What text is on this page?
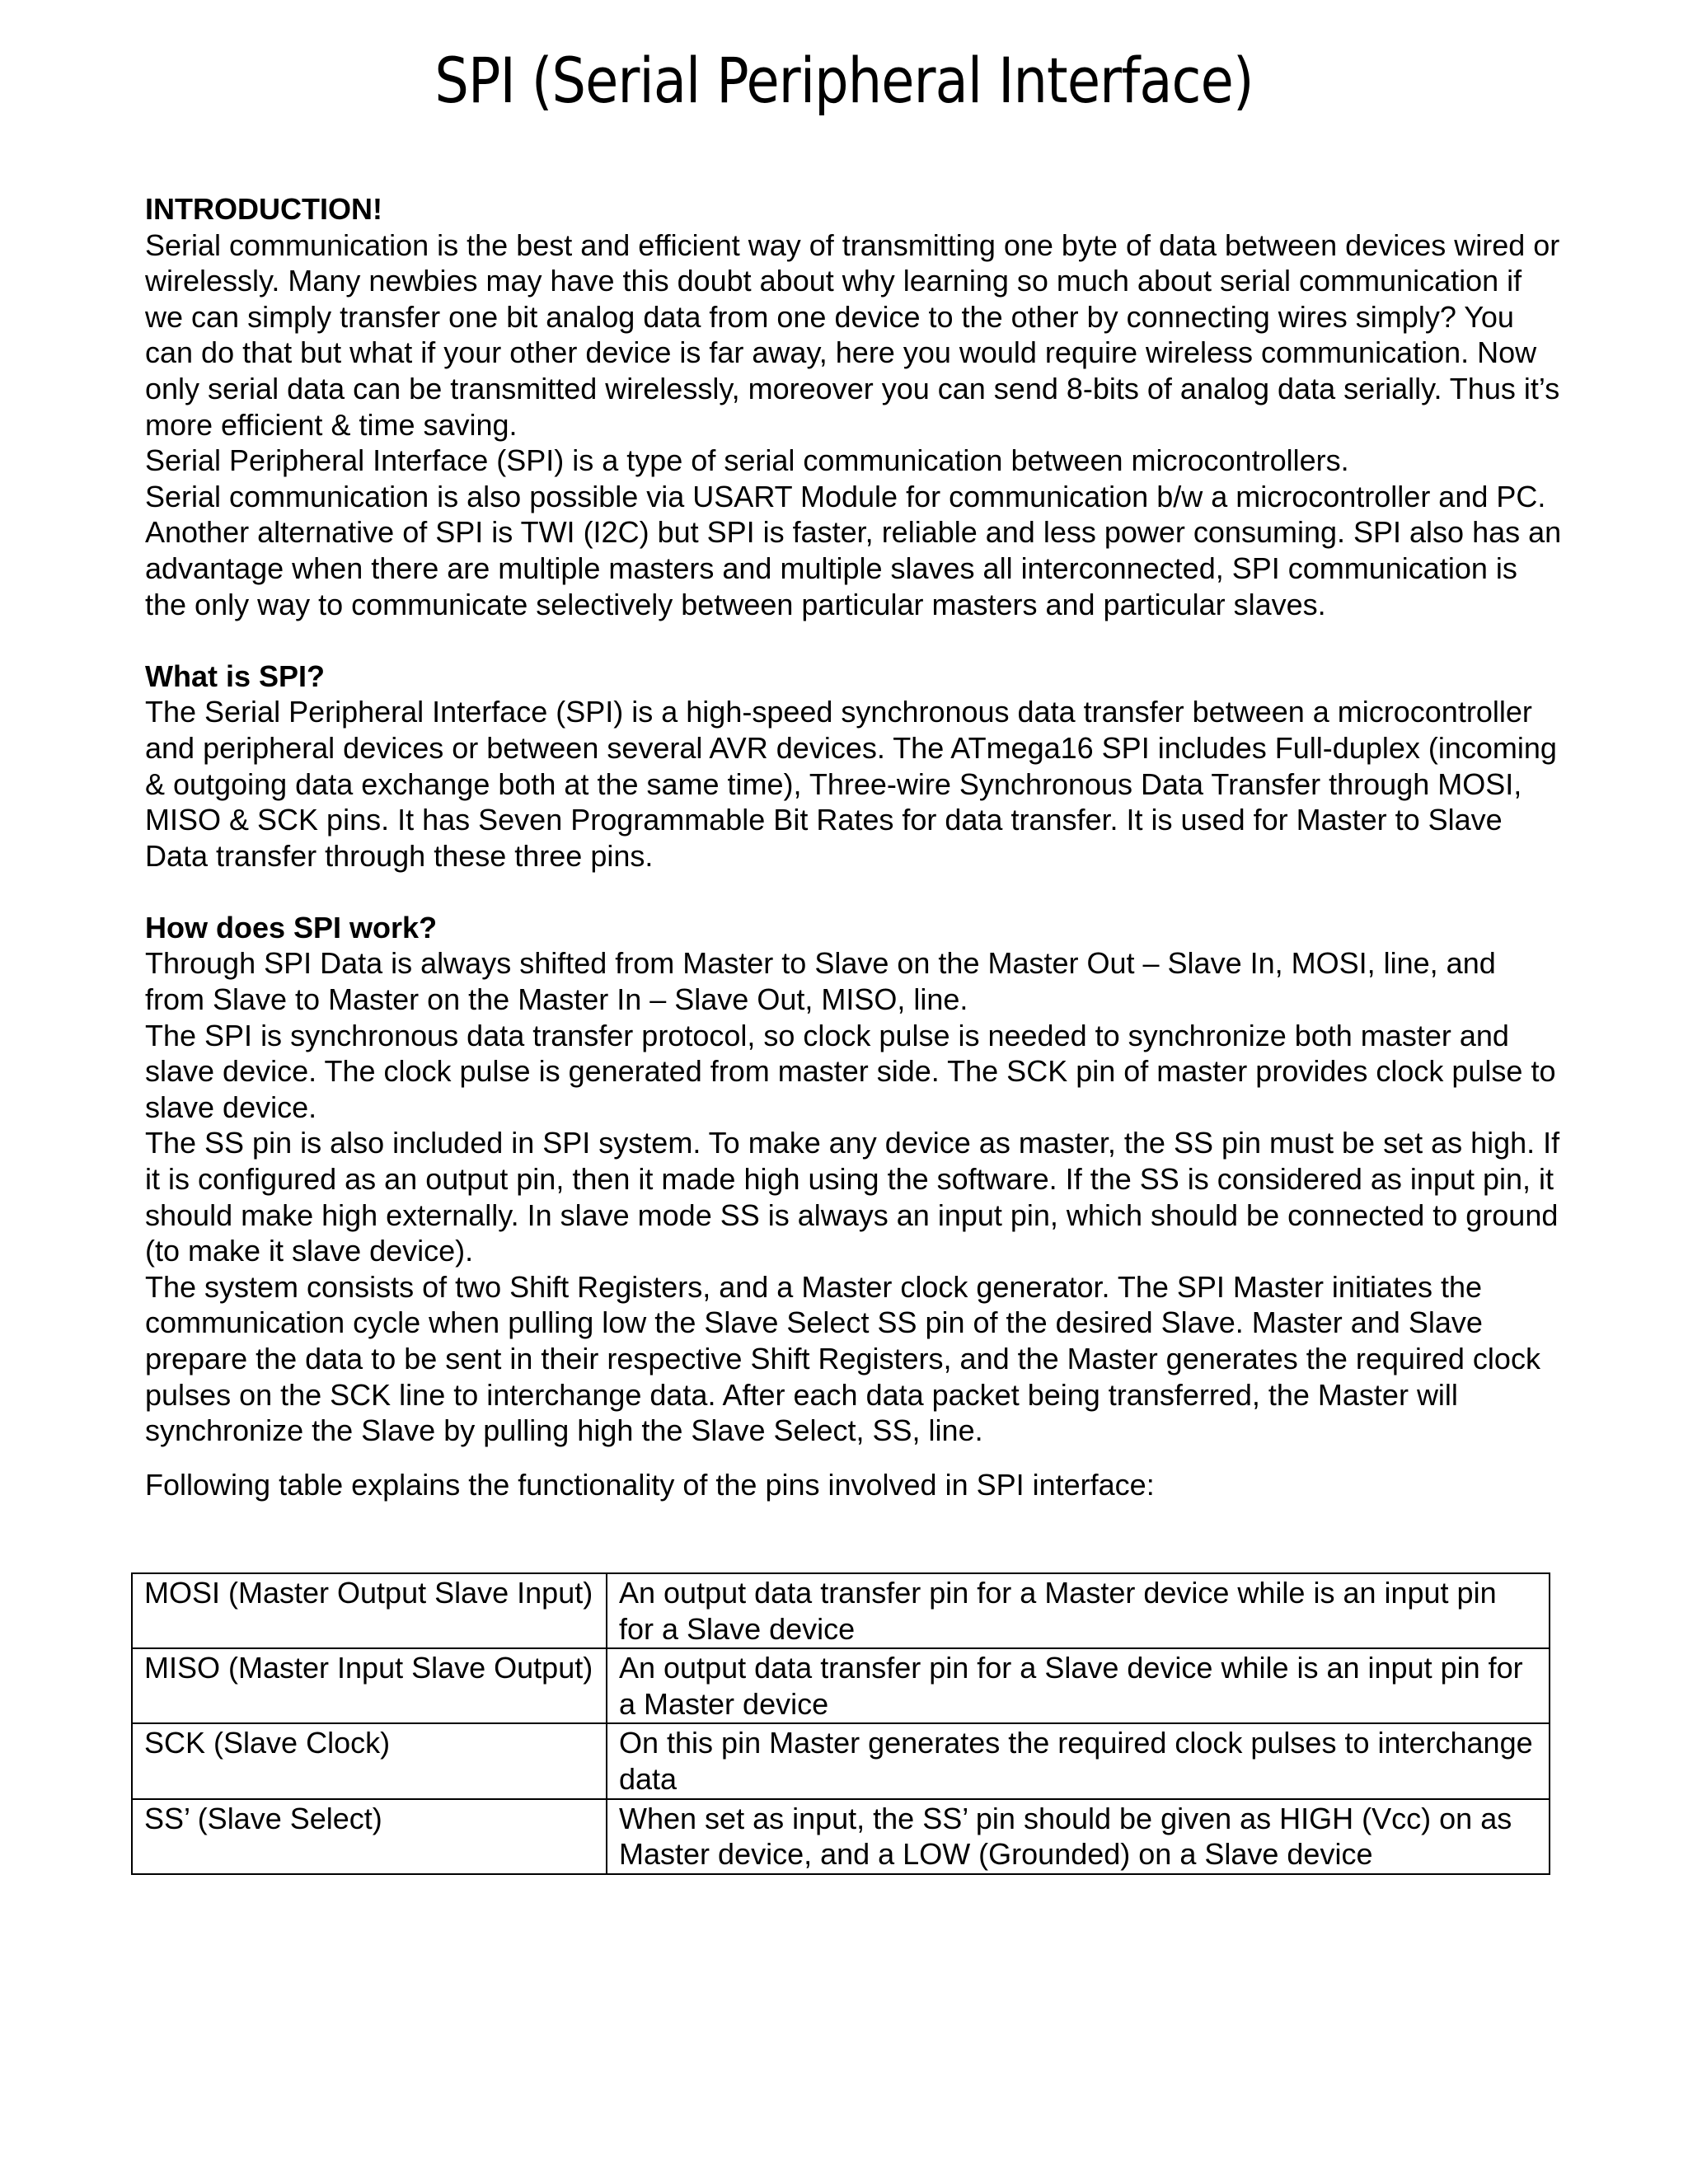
SPI (Serial Peripheral Interface)

INTRODUCTION!

Serial communication is the best and efficient way of transmitting one byte of data between devices wired or wirelessly. Many newbies may have this doubt about why learning so much about serial communication if we can simply transfer one bit analog data from one device to the other by connecting wires simply? You can do that but what if your other device is far away, here you would require wireless communication. Now only serial data can be transmitted wirelessly, moreover you can send 8-bits of analog data serially. Thus it’s more efficient & time saving.

Serial Peripheral Interface (SPI) is a type of serial communication between microcontrollers.

Serial communication is also possible via USART Module for communication b/w a microcontroller and PC. Another alternative of SPI is TWI (I2C) but SPI is faster, reliable and less power consuming. SPI also has an advantage when there are multiple masters and multiple slaves all interconnected, SPI communication is the only way to communicate selectively between particular masters and particular slaves.

What is SPI?

The Serial Peripheral Interface (SPI) is a high-speed synchronous data transfer between a microcontroller and peripheral devices or between several AVR devices. The ATmega16 SPI includes Full-duplex (incoming & outgoing data exchange both at the same time), Three-wire Synchronous Data Transfer through MOSI, MISO & SCK pins. It has Seven Programmable Bit Rates for data transfer. It is used for Master to Slave Data transfer through these three pins.

How does SPI work?

Through SPI Data is always shifted from Master to Slave on the Master Out – Slave In, MOSI, line, and from Slave to Master on the Master In – Slave Out, MISO, line.

The SPI is synchronous data transfer protocol, so clock pulse is needed to synchronize both master and slave device. The clock pulse is generated from master side. The SCK pin of master provides clock pulse to slave device.

The SS pin is also included in SPI system. To make any device as master, the SS pin must be set as high. If it is configured as an output pin, then it made high using the software. If the SS is considered as input pin, it should make high externally. In slave mode SS is always an input pin, which should be connected to ground (to make it slave device).

The system consists of two Shift Registers, and a Master clock generator. The SPI Master initiates the communication cycle when pulling low the Slave Select SS pin of the desired Slave. Master and Slave prepare the data to be sent in their respective Shift Registers, and the Master generates the required clock pulses on the SCK line to interchange data. After each data packet being transferred, the Master will synchronize the Slave by pulling high the Slave Select, SS, line.

Following table explains the functionality of the pins involved in SPI interface:

MOSI (Master Output Slave Input)	An output data transfer pin for a Master device while is an input pin for a Slave device
MISO (Master Input Slave Output)	An output data transfer pin for a Slave device while is an input pin for a Master device
SCK (Slave Clock)	On this pin Master generates the required clock pulses to interchange data
SS’ (Slave Select)	When set as input, the SS’ pin should be given as HIGH (Vcc) on as Master device, and a LOW (Grounded) on a Slave device
